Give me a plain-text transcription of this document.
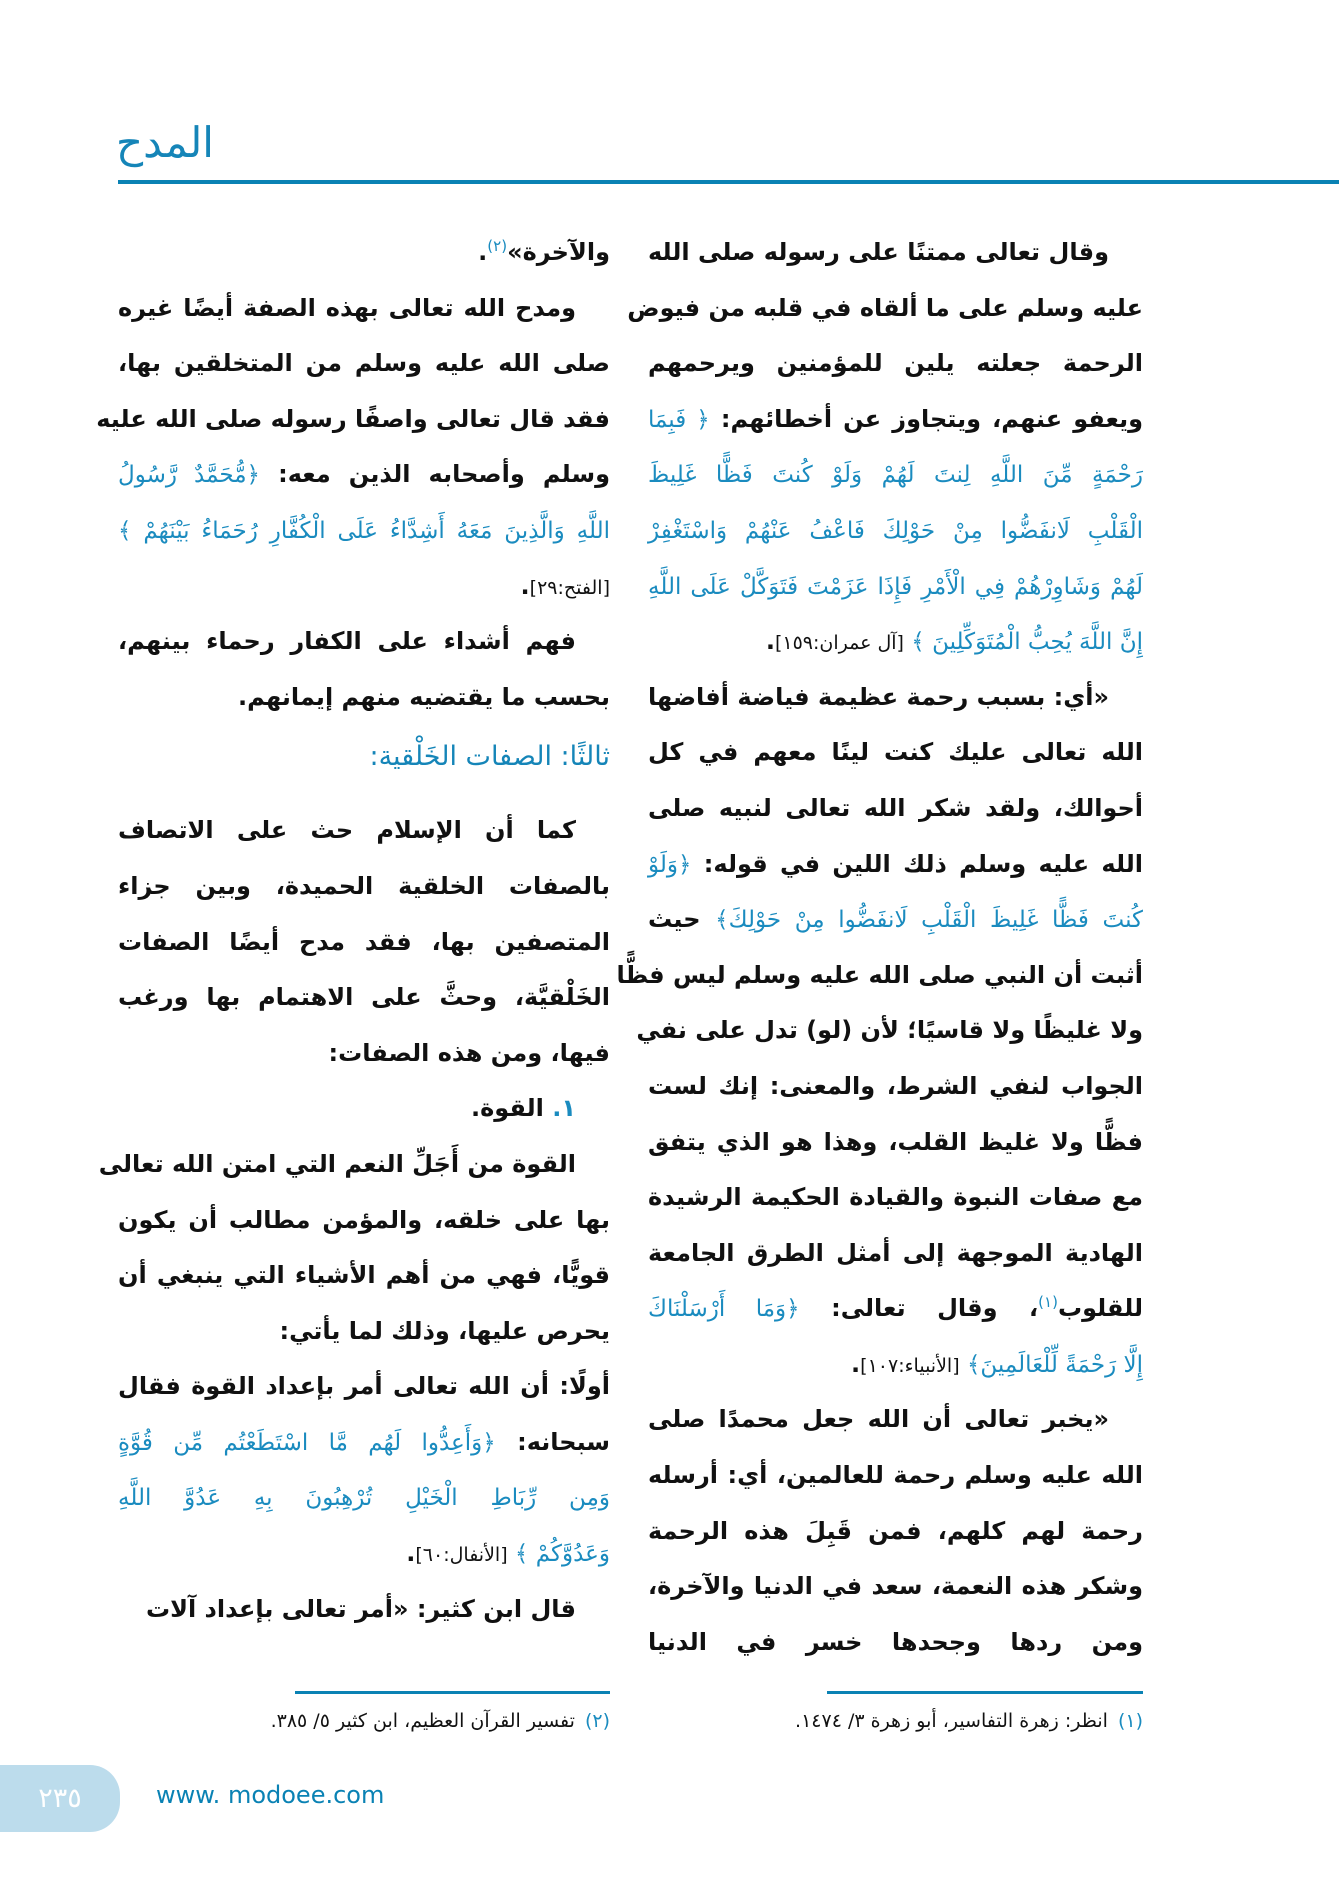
المدح
وقال تعالى ممتنًا على رسوله صلى الله
عليه وسلم على ما ألقاه في قلبه من فيوض
الرحمة جعلته يلين للمؤمنين ويرحمهم
ويعفو عنهم، ويتجاوز عن أخطائهم: ﴿ فَبِمَا
رَحْمَةٍ مِّنَ اللَّهِ لِنتَ لَهُمْ وَلَوْ كُنتَ فَظًّا غَلِيظَ
الْقَلْبِ لَانفَضُّوا مِنْ حَوْلِكَ فَاعْفُ عَنْهُمْ وَاسْتَغْفِرْ
لَهُمْ وَشَاوِرْهُمْ فِي الْأَمْرِ فَإِذَا عَزَمْتَ فَتَوَكَّلْ عَلَى اللَّهِ
إِنَّ اللَّهَ يُحِبُّ الْمُتَوَكِّلِينَ ﴾ [آل عمران:١٥٩].
«أي: بسبب رحمة عظيمة فياضة أفاضها
الله تعالى عليك كنت لينًا معهم في كل
أحوالك، ولقد شكر الله تعالى لنبيه صلى
الله عليه وسلم ذلك اللين في قوله: ﴿وَلَوْ
كُنتَ فَظًّا غَلِيظَ الْقَلْبِ لَانفَضُّوا مِنْ حَوْلِكَ﴾ حيث
أثبت أن النبي صلى الله عليه وسلم ليس فظًّا
ولا غليظًا ولا قاسيًا؛ لأن (لو) تدل على نفي
الجواب لنفي الشرط، والمعنى: إنك لست
فظًّا ولا غليظ القلب، وهذا هو الذي يتفق
مع صفات النبوة والقيادة الحكيمة الرشيدة
الهادية الموجهة إلى أمثل الطرق الجامعة
للقلوب$^{(١)}$، وقال تعالى: ﴿وَمَا أَرْسَلْنَاكَ
إِلَّا رَحْمَةً لِّلْعَالَمِينَ﴾ [الأنبياء:١٠٧].
«يخبر تعالى أن الله جعل محمدًا صلى
الله عليه وسلم رحمة للعالمين، أي: أرسله
رحمة لهم كلهم، فمن قَبِلَ هذه الرحمة
وشكر هذه النعمة، سعد في الدنيا والآخرة،
ومن ردها وجحدها خسر في الدنيا
والآخرة»$^{(٢)}$.
ومدح الله تعالى بهذه الصفة أيضًا غيره
صلى الله عليه وسلم من المتخلقين بها،
فقد قال تعالى واصفًا رسوله صلى الله عليه
وسلم وأصحابه الذين معه: ﴿مُّحَمَّدٌ رَّسُولُ
اللَّهِ وَالَّذِينَ مَعَهُ أَشِدَّاءُ عَلَى الْكُفَّارِ رُحَمَاءُ بَيْنَهُمْ ﴾
[الفتح:٢٩].
فهم أشداء على الكفار رحماء بينهم،
بحسب ما يقتضيه منهم إيمانهم.
ثالثًا: الصفات الخَلْقية:
كما أن الإسلام حث على الاتصاف
بالصفات الخلقية الحميدة، وبين جزاء
المتصفين بها، فقد مدح أيضًا الصفات
الخَلْقيَّة، وحثَّ على الاهتمام بها ورغب
فيها، ومن هذه الصفات:
١. القوة.
القوة من أَجَلِّ النعم التي امتن الله تعالى
بها على خلقه، والمؤمن مطالب أن يكون
قويًّا، فهي من أهم الأشياء التي ينبغي أن
يحرص عليها، وذلك لما يأتي:
أولًا: أن الله تعالى أمر بإعداد القوة فقال
سبحانه: ﴿وَأَعِدُّوا لَهُم مَّا اسْتَطَعْتُم مِّن قُوَّةٍ
وَمِن رِّبَاطِ الْخَيْلِ تُرْهِبُونَ بِهِ عَدُوَّ اللَّهِ
وَعَدُوَّكُمْ ﴾ [الأنفال:٦٠].
قال ابن كثير: «أمر تعالى بإعداد آلات
(١)انظر: زهرة التفاسير، أبو زهرة ٣/ ١٤٧٤.
(٢)تفسير القرآن العظيم، ابن كثير ٥/ ٣٨٥.
٢٣٥	www. modoee.com
